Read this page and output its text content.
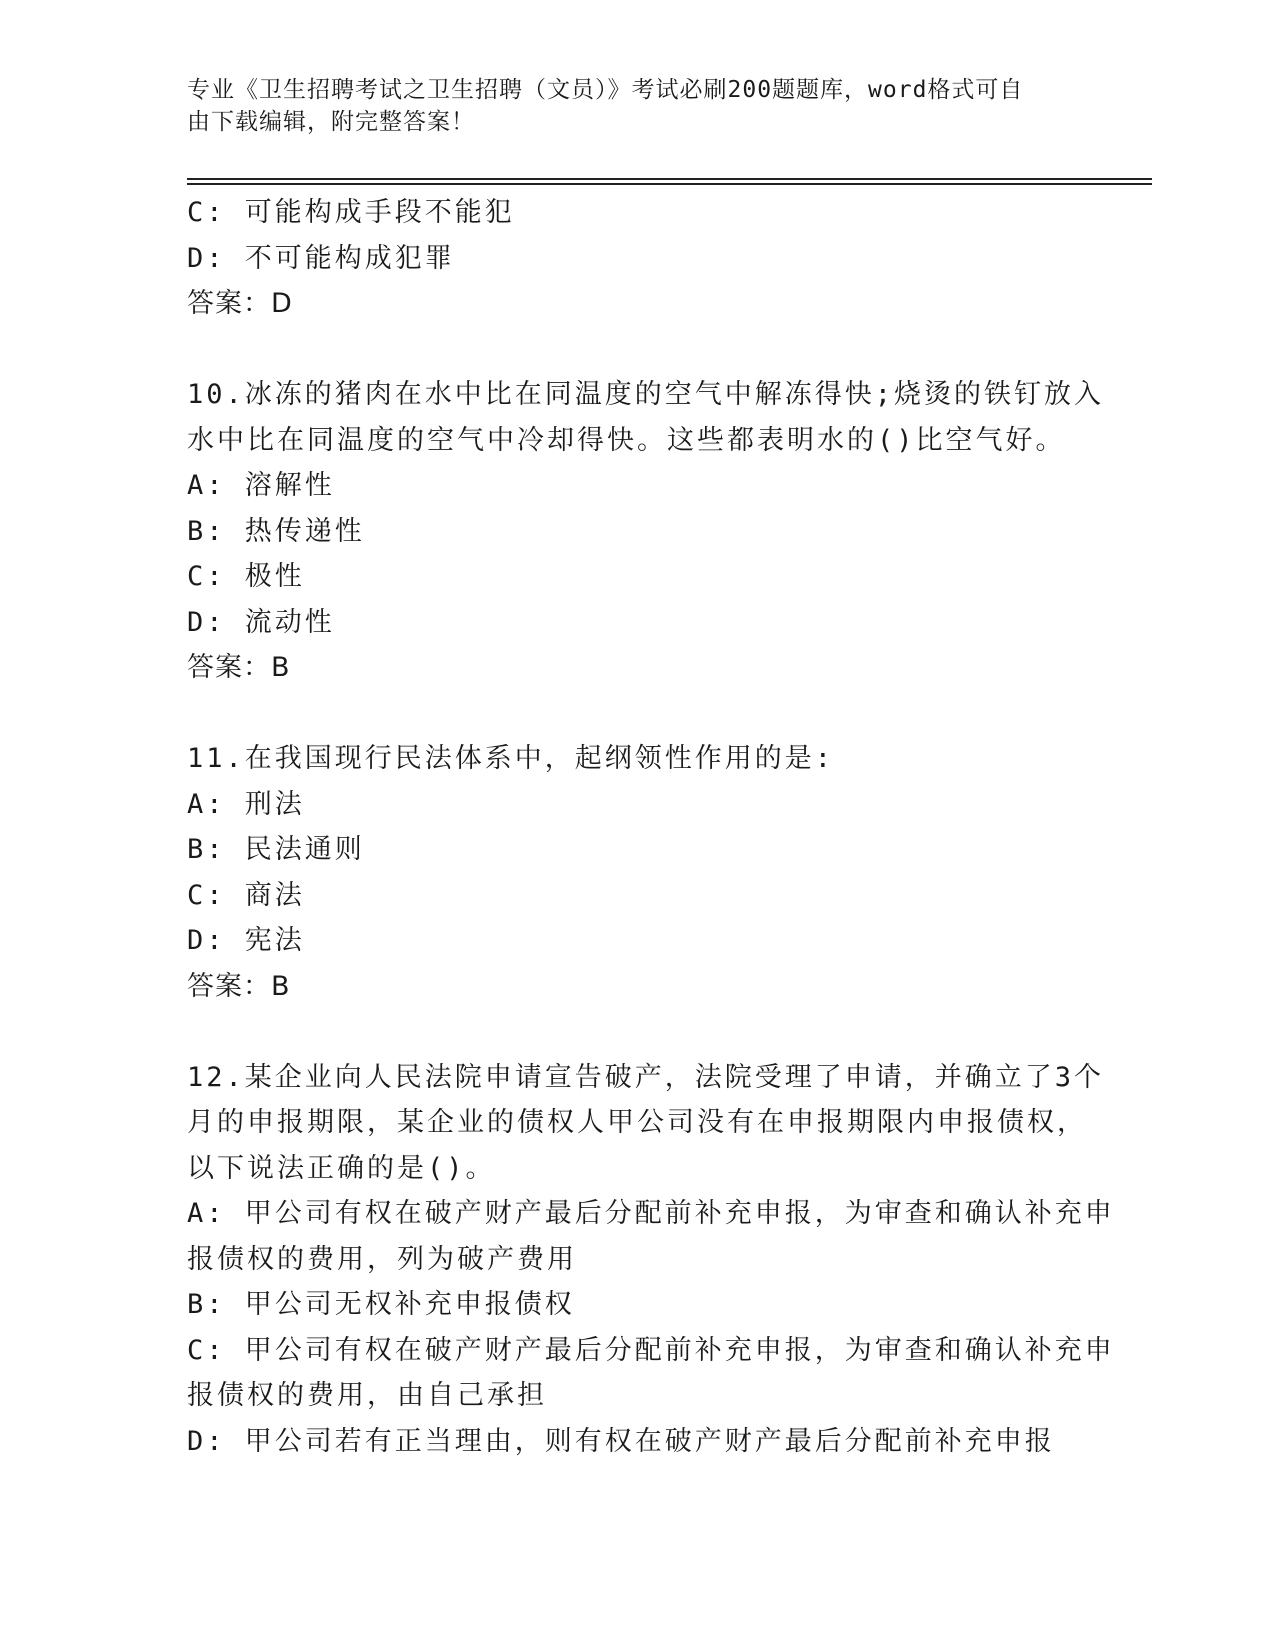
专业《卫生招聘考试之卫生招聘（文员）》考试必刷200题题库，word格式可自
由下载编辑，附完整答案！
C: 可能构成手段不能犯
D: 不可能构成犯罪
答案：D
10.冰冻的猪肉在水中比在同温度的空气中解冻得快;烧烫的铁钉放入
水中比在同温度的空气中冷却得快。这些都表明水的()比空气好。
A: 溶解性
B: 热传递性
C: 极性
D: 流动性
答案：B
11.在我国现行民法体系中，起纲领性作用的是:
A: 刑法
B: 民法通则
C: 商法
D: 宪法
答案：B
12.某企业向人民法院申请宣告破产，法院受理了申请，并确立了3个
月的申报期限，某企业的债权人甲公司没有在申报期限内申报债权，
以下说法正确的是()。
A: 甲公司有权在破产财产最后分配前补充申报，为审查和确认补充申
报债权的费用，列为破产费用
B: 甲公司无权补充申报债权
C: 甲公司有权在破产财产最后分配前补充申报，为审查和确认补充申
报债权的费用，由自己承担
D: 甲公司若有正当理由，则有权在破产财产最后分配前补充申报
